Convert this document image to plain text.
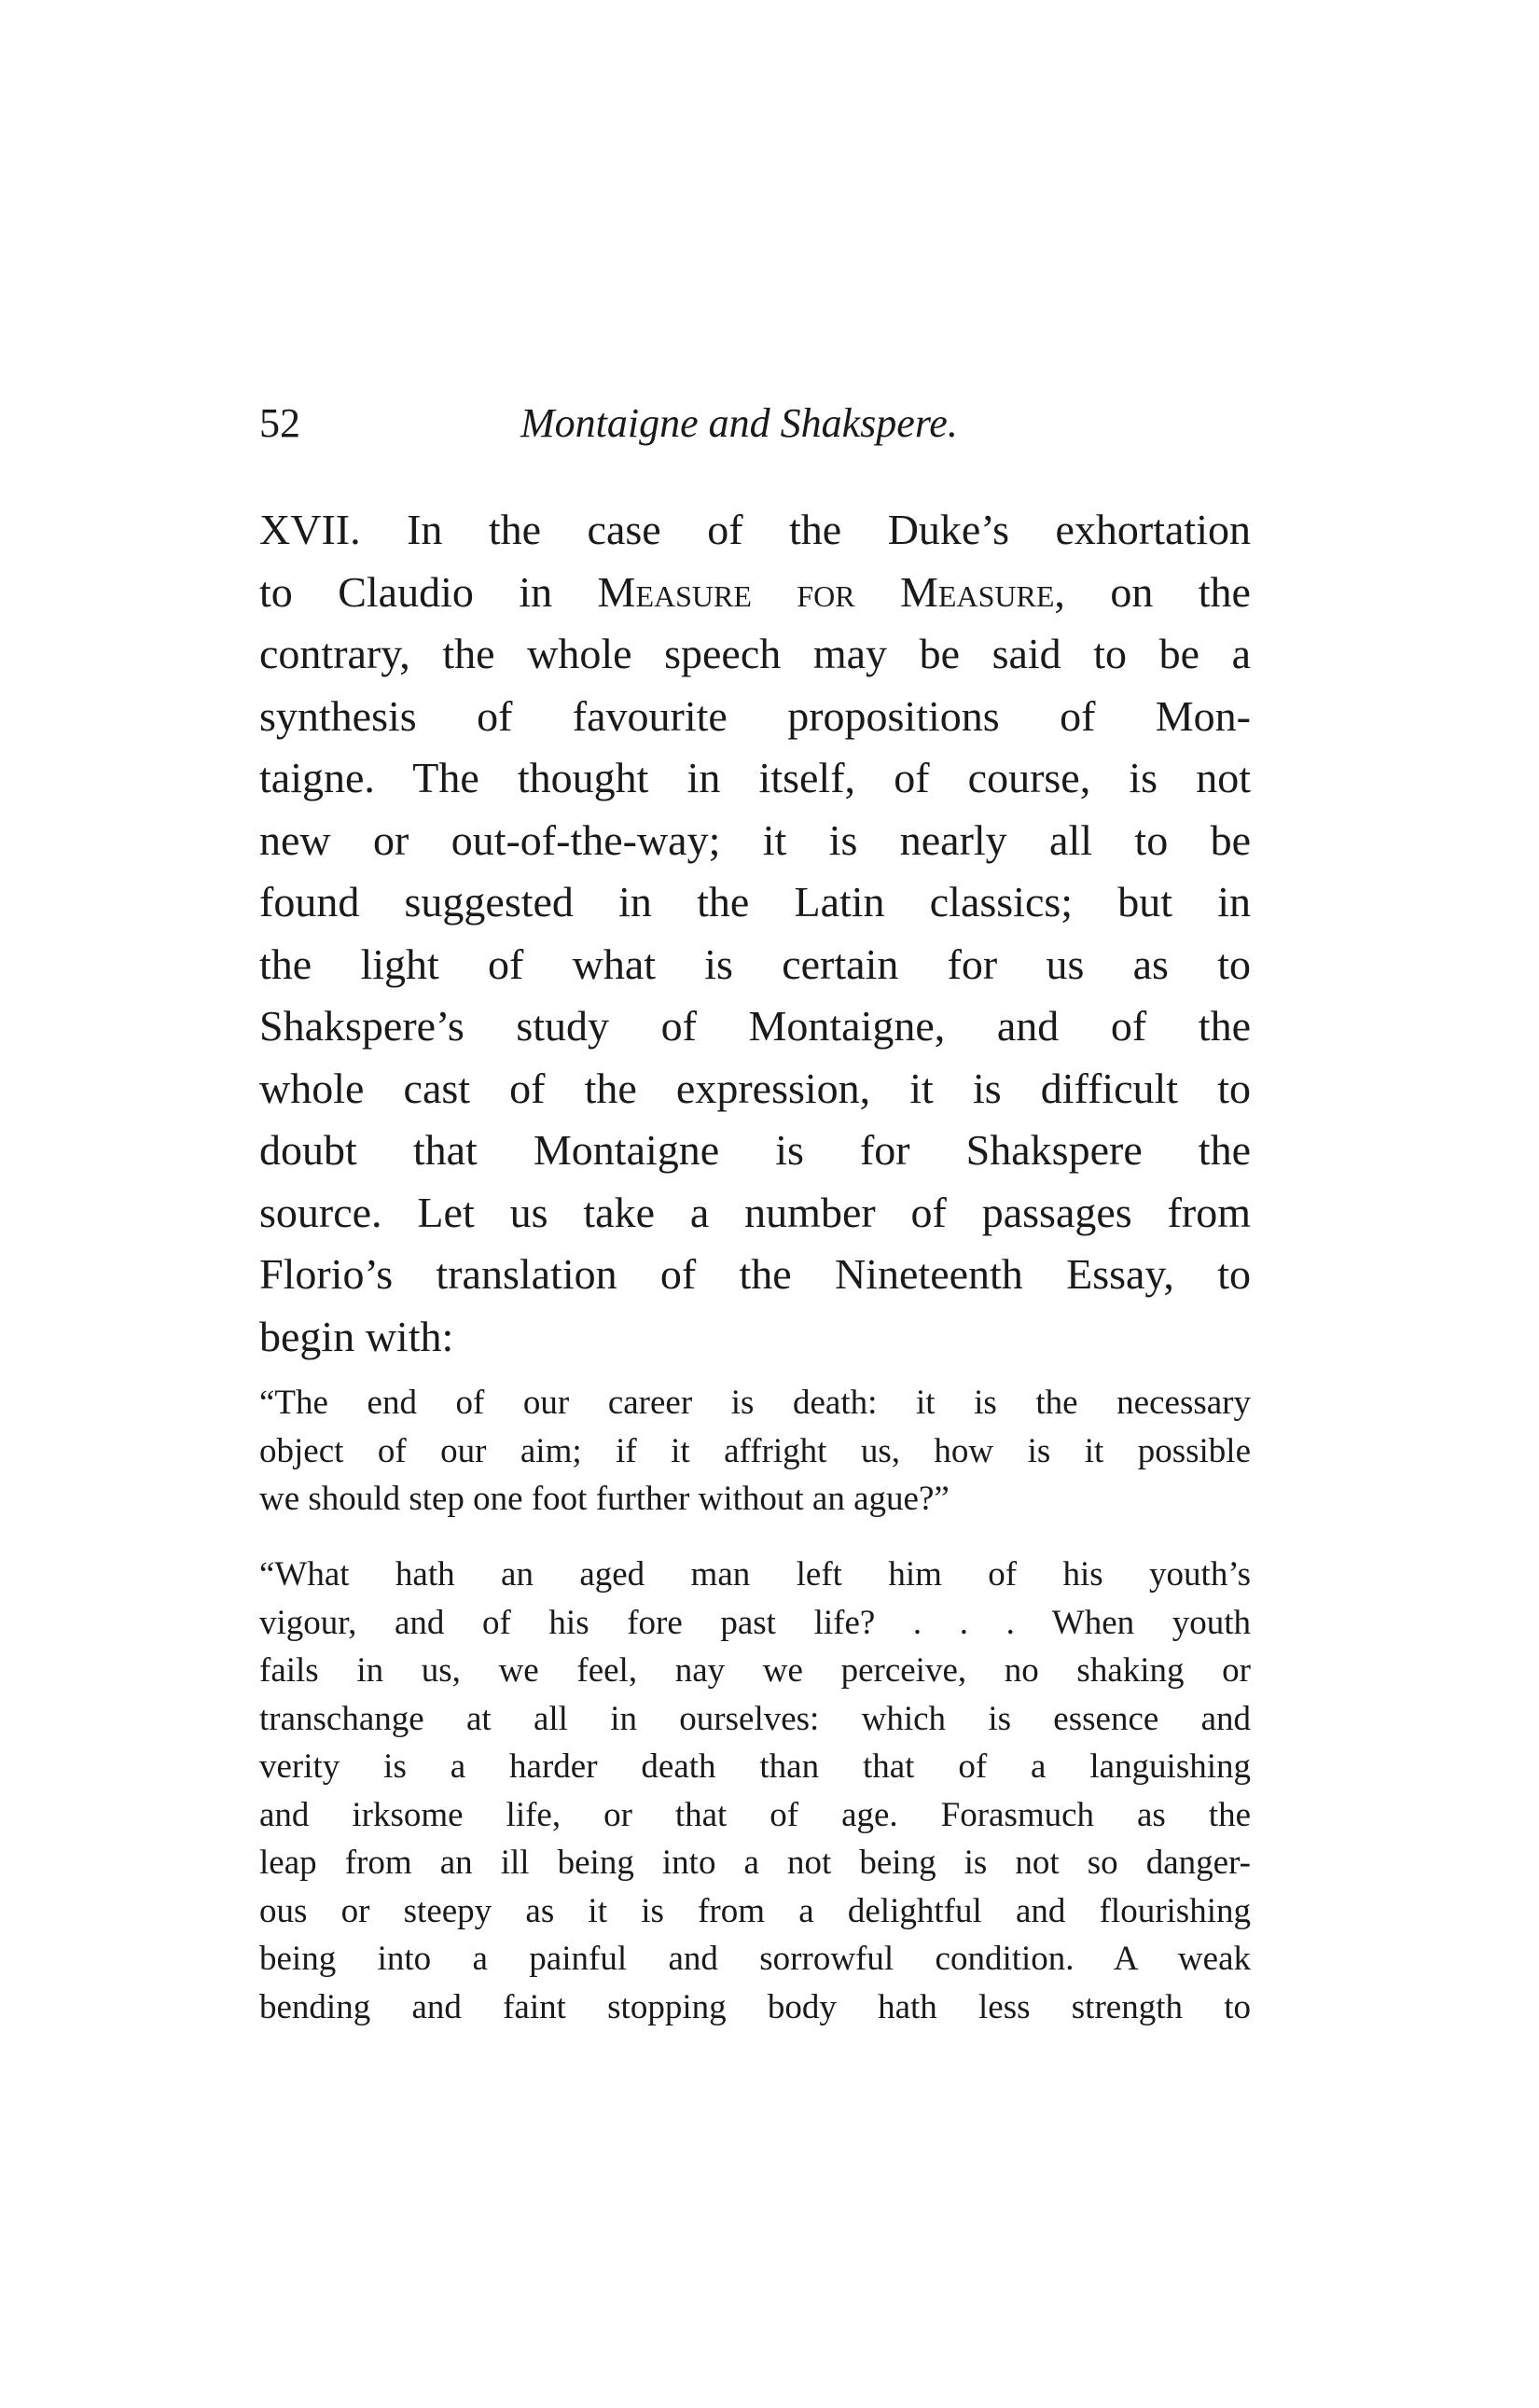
52	Montaigne and Shakspere.
XVII. In the case of the Duke’s exhortation
to Claudio in Measure for Measure, on the
contrary, the whole speech may be said to be a
synthesis of favourite propositions of Mon-
taigne. The thought in itself, of course, is not
new or out-of-the-way; it is nearly all to be
found suggested in the Latin classics; but in
the light of what is certain for us as to
Shakspere’s study of Montaigne, and of the
whole cast of the expression, it is difficult to
doubt that Montaigne is for Shakspere the
source. Let us take a number of passages from
Florio’s translation of the Nineteenth Essay, to
begin with:
“The end of our career is death: it is the necessary
object of our aim; if it affright us, how is it possible
we should step one foot further without an ague?”
“What hath an aged man left him of his youth’s
vigour, and of his fore past life? . . . When youth
fails in us, we feel, nay we perceive, no shaking or
transchange at all in ourselves: which is essence and
verity is a harder death than that of a languishing
and irksome life, or that of age. Forasmuch as the
leap from an ill being into a not being is not so danger-
ous or steepy as it is from a delightful and flourishing
being into a painful and sorrowful condition. A weak
bending and faint stopping body hath less strength to
